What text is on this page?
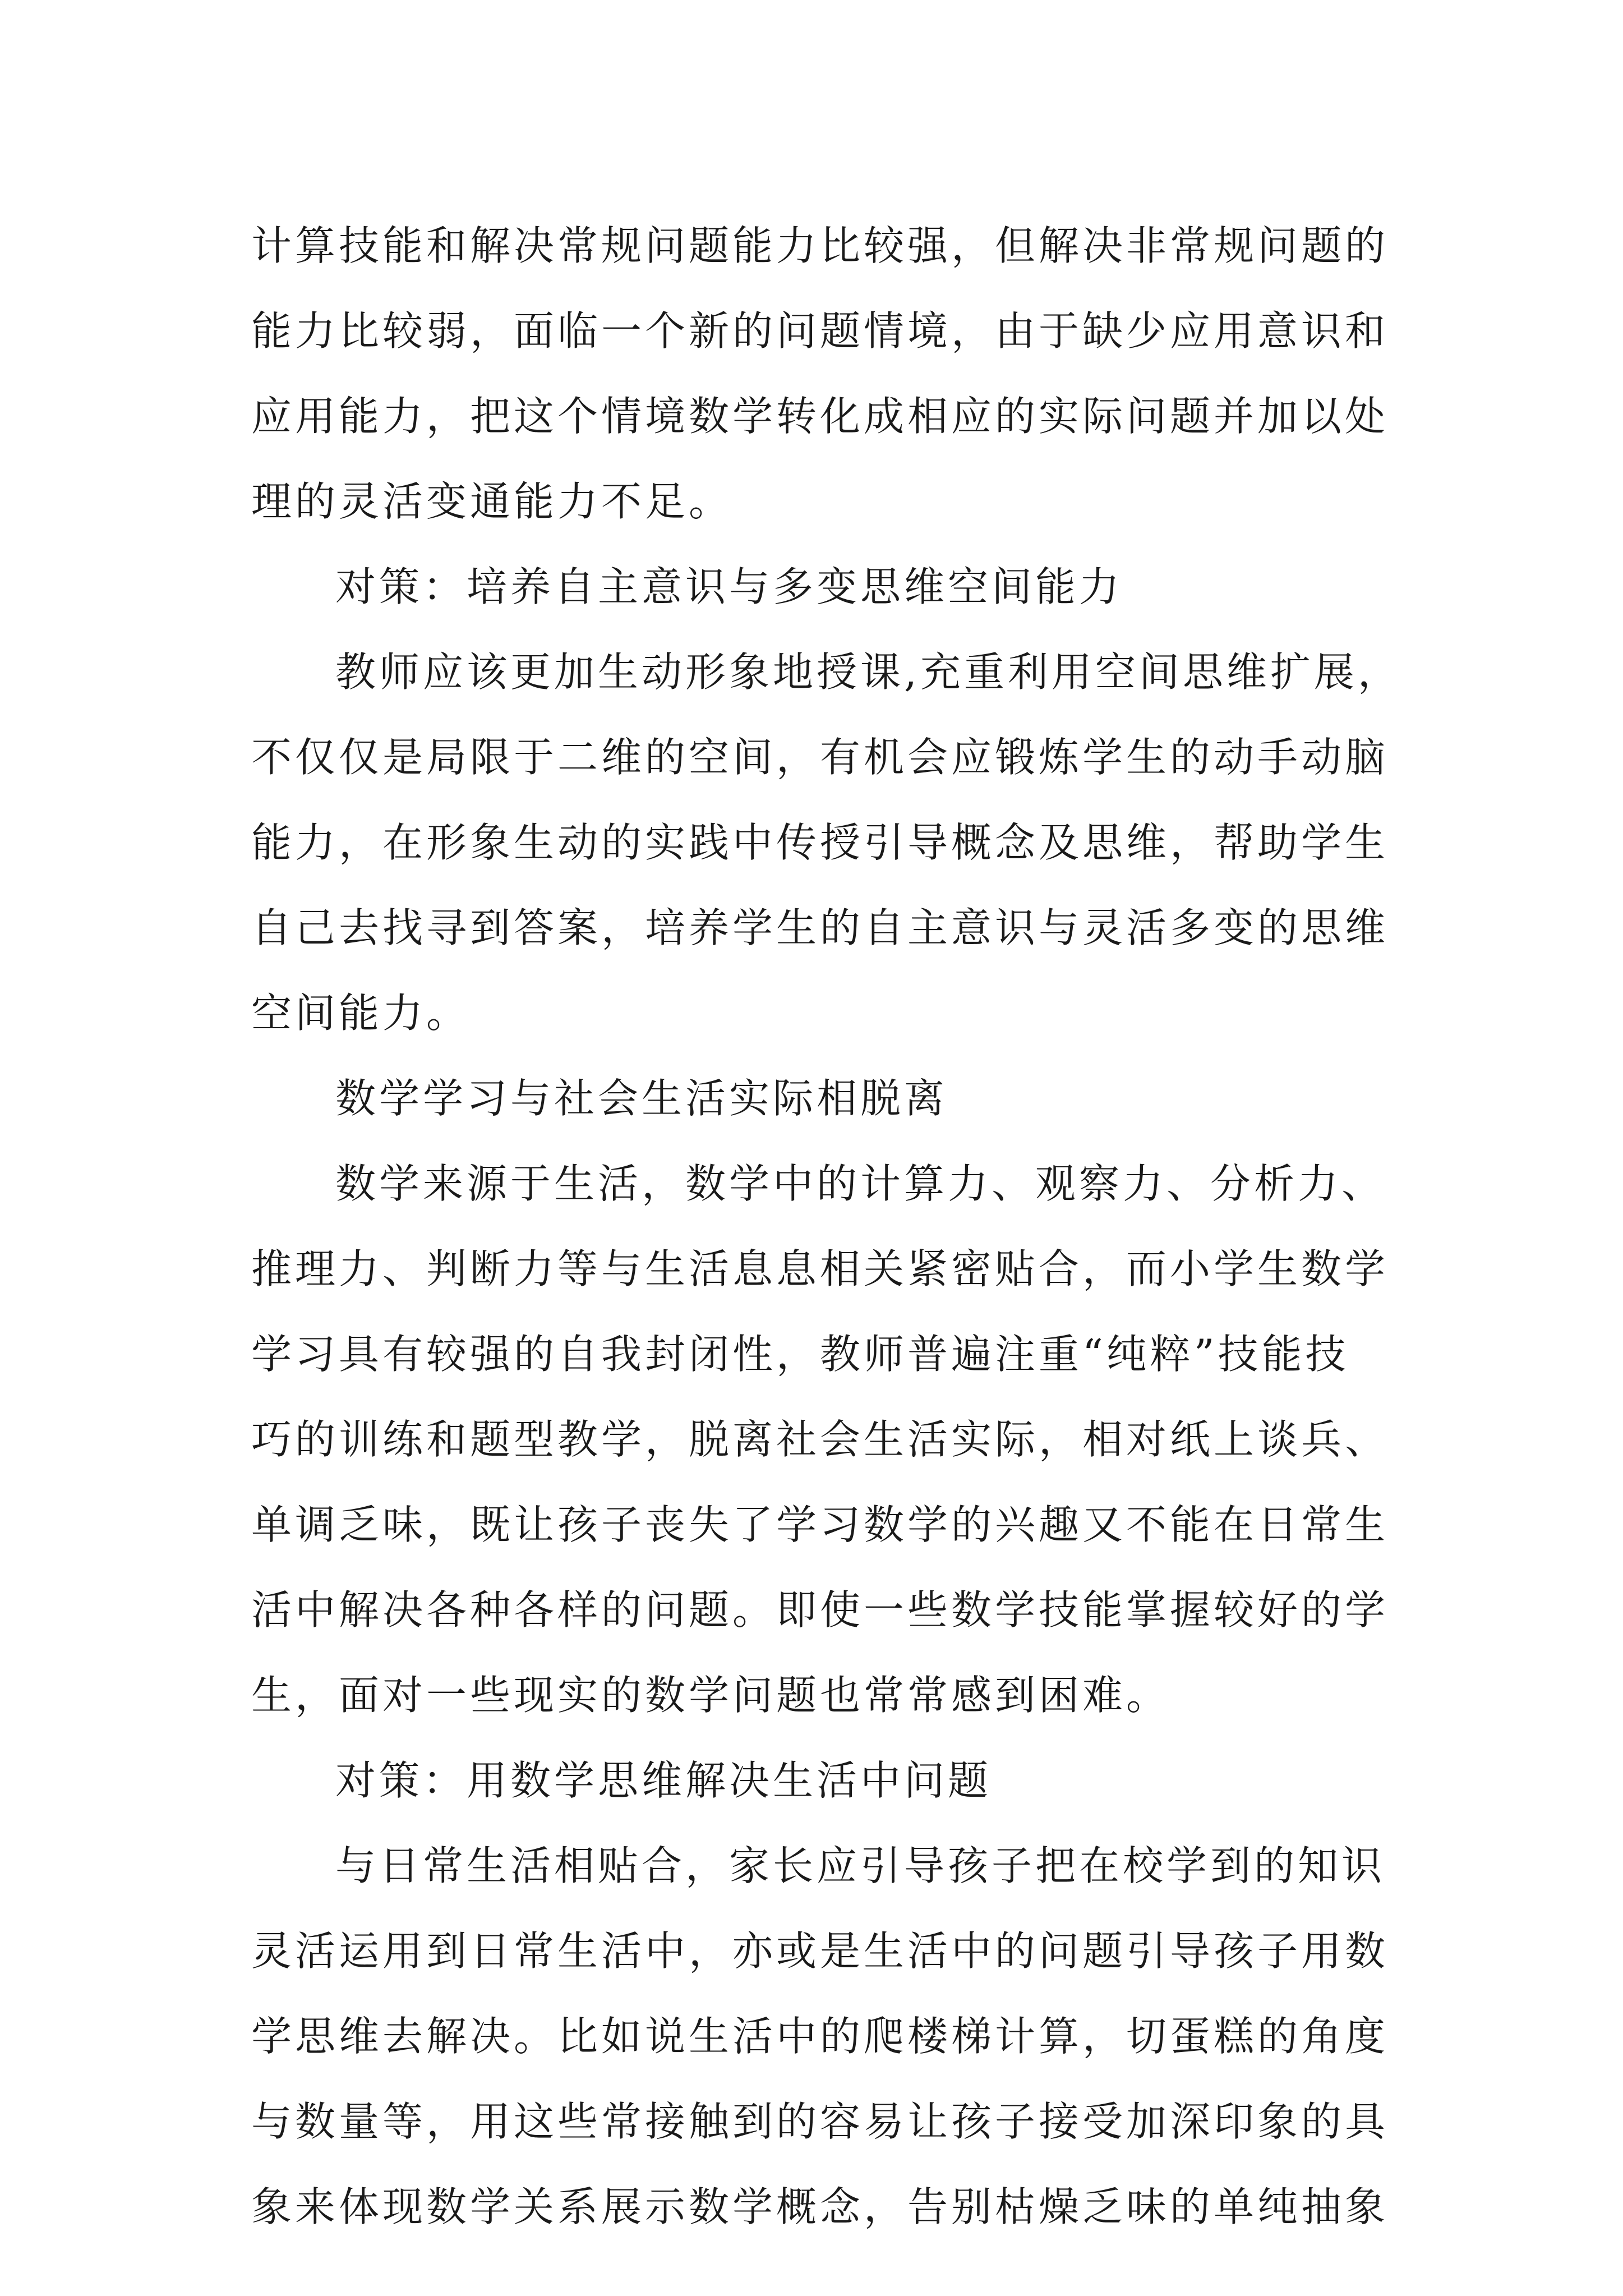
计算技能和解决常规问题能力比较强，但解决非常规问题的
能力比较弱，面临一个新的问题情境，由于缺少应用意识和
应用能力，把这个情境数学转化成相应的实际问题并加以处
理的灵活变通能力不足。
对策：培养自主意识与多变思维空间能力
教师应该更加生动形象地授课,充重利用空间思维扩展，
不仅仅是局限于二维的空间，有机会应锻炼学生的动手动脑
能力，在形象生动的实践中传授引导概念及思维，帮助学生
自己去找寻到答案，培养学生的自主意识与灵活多变的思维
空间能力。
数学学习与社会生活实际相脱离
数学来源于生活，数学中的计算力、观察力、分析力、
推理力、判断力等与生活息息相关紧密贴合，而小学生数学
学习具有较强的自我封闭性，教师普遍注重“纯粹”技能技
巧的训练和题型教学，脱离社会生活实际，相对纸上谈兵、
单调乏味，既让孩子丧失了学习数学的兴趣又不能在日常生
活中解决各种各样的问题。即使一些数学技能掌握较好的学
生，面对一些现实的数学问题也常常感到困难。
对策：用数学思维解决生活中问题
与日常生活相贴合，家长应引导孩子把在校学到的知识
灵活运用到日常生活中，亦或是生活中的问题引导孩子用数
学思维去解决。比如说生活中的爬楼梯计算，切蛋糕的角度
与数量等，用这些常接触到的容易让孩子接受加深印象的具
象来体现数学关系展示数学概念，告别枯燥乏味的单纯抽象
